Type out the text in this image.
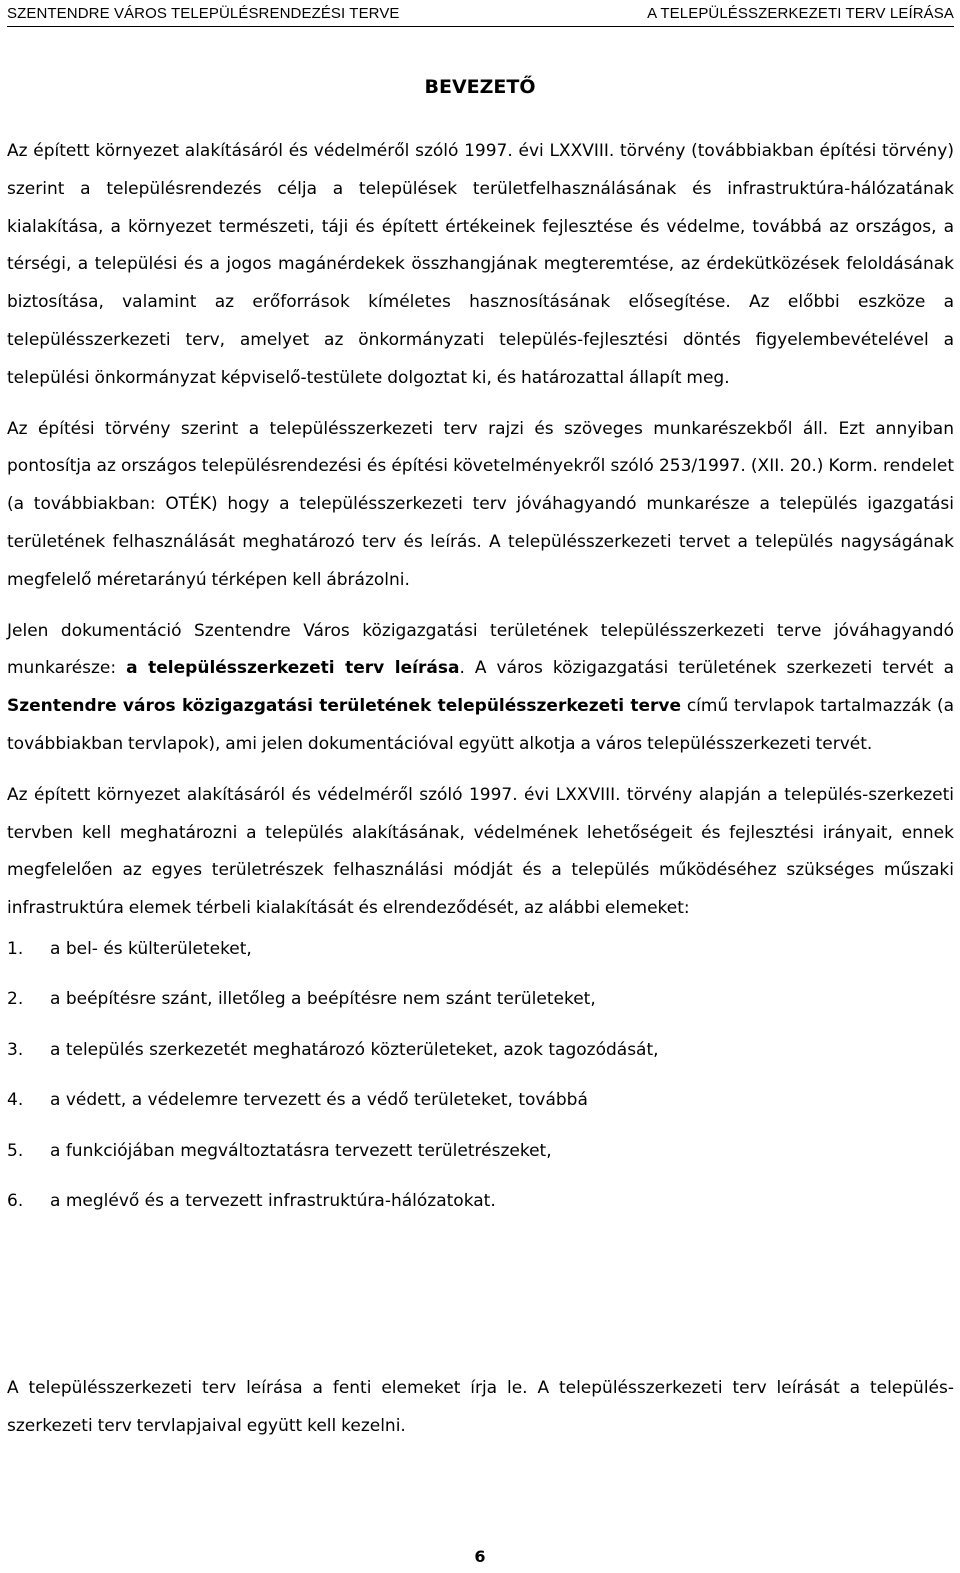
SZENTENDRE VÁROS TELEPÜLÉSRENDEZÉSI TERVE	A TELEPÜLÉSSZERKEZETI TERV LEÍRÁSA
BEVEZETŐ

Az épített környezet alakításáról és védelméről szóló 1997. évi LXXVIII. törvény (továbbiakban építési törvény) szerint a településrendezés célja a települések területfelhasználásának és infrastruktúra-hálózatának kialakítása, a környezet természeti, táji és épített értékeinek fejlesztése és védelme, továbbá az országos, a térségi, a települési és a jogos magánérdekek összhangjának megteremtése, az érdekütközések feloldásának biztosítása, valamint az erőforrások kíméletes hasznosításának elősegítése. Az előbbi eszköze a településszerkezeti terv, amelyet az önkormányzati település-fejlesztési döntés figyelembevételével a települési önkormányzat képviselő-testülete dolgoztat ki, és határozattal állapít meg.

Az építési törvény szerint a településszerkezeti terv rajzi és szöveges munkarészekből áll. Ezt annyiban pontosítja az országos településrendezési és építési követelményekről szóló 253/1997. (XII. 20.) Korm. rendelet (a továbbiakban: OTÉK) hogy a településszerkezeti terv jóváhagyandó munkarésze a település igazgatási területének felhasználását meghatározó terv és leírás. A településszerkezeti tervet a település nagyságának megfelelő méretarányú térképen kell ábrázolni.

Jelen dokumentáció Szentendre Város közigazgatási területének településszerkezeti terve jóváhagyandó munkarésze: a településszerkezeti terv leírása. A város közigazgatási területének szerkezeti tervét a Szentendre város közigazgatási területének településszerkezeti terve című tervlapok tartalmazzák (a továbbiakban tervlapok), ami jelen dokumentációval együtt alkotja a város településszerkezeti tervét.

Az épített környezet alakításáról és védelméről szóló 1997. évi LXXVIII. törvény alapján a település-szerkezeti tervben kell meghatározni a település alakításának, védelmének lehetőségeit és fejlesztési irányait, ennek megfelelően az egyes területrészek felhasználási módját és a település működéséhez szükséges műszaki infrastruktúra elemek térbeli kialakítását és elrendeződését, az alábbi elemeket:

1.	a bel- és külterületeket,
2.	a beépítésre szánt, illetőleg a beépítésre nem szánt területeket,
3.	a település szerkezetét meghatározó közterületeket, azok tagozódását,
4.	a védett, a védelemre tervezett és a védő területeket, továbbá
5.	a funkciójában megváltoztatásra tervezett területrészeket,
6.	a meglévő és a tervezett infrastruktúra-hálózatokat.

A településszerkezeti terv leírása a fenti elemeket írja le. A településszerkezeti terv leírását a település-szerkezeti terv tervlapjaival együtt kell kezelni.

6
